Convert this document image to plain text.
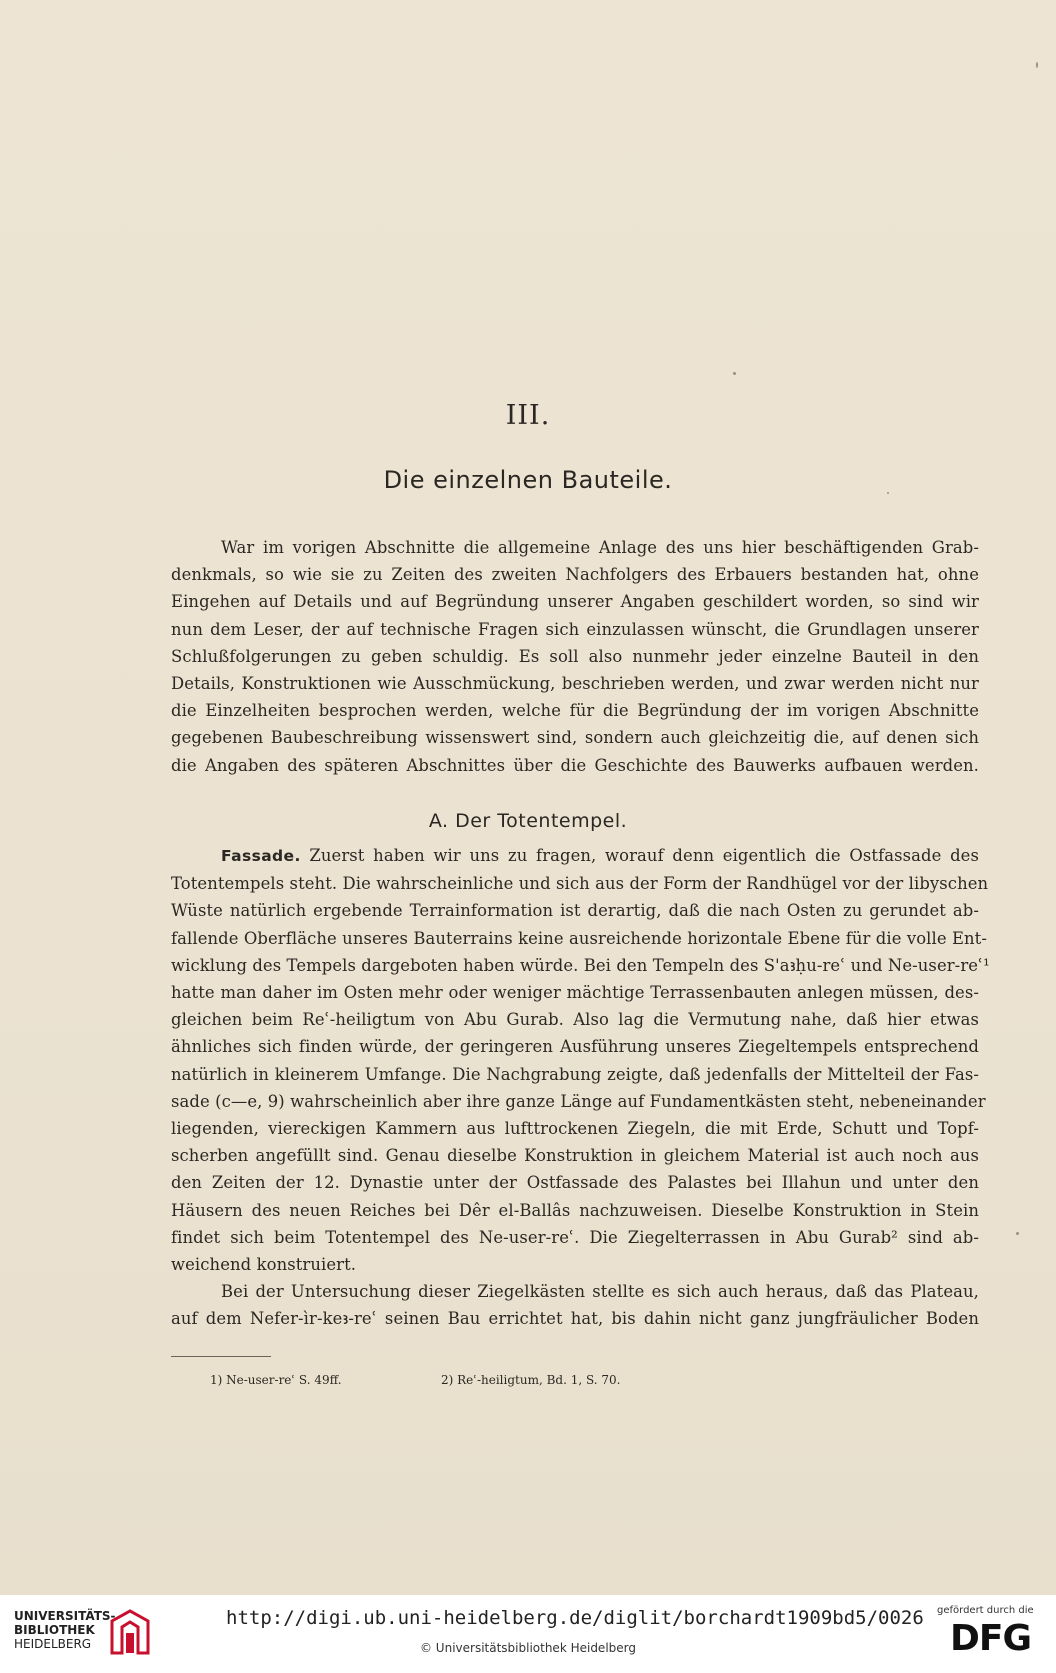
III.
Die einzelnen Bauteile.
War im vorigen Abschnitte die allgemeine Anlage des uns hier beschäftigenden Grab-
denkmals, so wie sie zu Zeiten des zweiten Nachfolgers des Erbauers bestanden hat, ohne
Eingehen auf Details und auf Begründung unserer Angaben geschildert worden, so sind wir
nun dem Leser, der auf technische Fragen sich einzulassen wünscht, die Grundlagen unserer
Schlußfolgerungen zu geben schuldig. Es soll also nunmehr jeder einzelne Bauteil in den
Details, Konstruktionen wie Ausschmückung, beschrieben werden, und zwar werden nicht nur
die Einzelheiten besprochen werden, welche für die Begründung der im vorigen Abschnitte
gegebenen Baubeschreibung wissenswert sind, sondern auch gleichzeitig die, auf denen sich
die Angaben des späteren Abschnittes über die Geschichte des Bauwerks aufbauen werden.
A. Der Totentempel.
Fassade. Zuerst haben wir uns zu fragen, worauf denn eigentlich die Ostfassade des
Totentempels steht. Die wahrscheinliche und sich aus der Form der Randhügel vor der libyschen
Wüste natürlich ergebende Terrainformation ist derartig, daß die nach Osten zu gerundet ab-
fallende Oberfläche unseres Bauterrains keine ausreichende horizontale Ebene für die volle Ent-
wicklung des Tempels dargeboten haben würde. Bei den Tempeln des S'aꜣḥu-reʿ und Ne-user-reʿ¹
hatte man daher im Osten mehr oder weniger mächtige Terrassenbauten anlegen müssen, des-
gleichen beim Reʿ-heiligtum von Abu Gurab. Also lag die Vermutung nahe, daß hier etwas
ähnliches sich finden würde, der geringeren Ausführung unseres Ziegeltempels entsprechend
natürlich in kleinerem Umfange. Die Nachgrabung zeigte, daß jedenfalls der Mittelteil der Fas-
sade (c—e, 9) wahrscheinlich aber ihre ganze Länge auf Fundamentkästen steht, nebeneinander
liegenden, viereckigen Kammern aus lufttrockenen Ziegeln, die mit Erde, Schutt und Topf-
scherben angefüllt sind. Genau dieselbe Konstruktion in gleichem Material ist auch noch aus
den Zeiten der 12. Dynastie unter der Ostfassade des Palastes bei Illahun und unter den
Häusern des neuen Reiches bei Dêr el-Ballâs nachzuweisen. Dieselbe Konstruktion in Stein
findet sich beim Totentempel des Ne-user-reʿ. Die Ziegelterrassen in Abu Gurab² sind ab-
weichend konstruiert.
Bei der Untersuchung dieser Ziegelkästen stellte es sich auch heraus, daß das Plateau,
auf dem Nefer-ìr-keꜣ-reʿ seinen Bau errichtet hat, bis dahin nicht ganz jungfräulicher Boden
1) Ne-user-reʿ S. 49ff.	2) Reʿ-heiligtum, Bd. 1, S. 70.
UNIVERSITÄTS-
BIBLIOTHEK
HEIDELBERG
http://digi.ub.uni-heidelberg.de/diglit/borchardt1909bd5/0026
© Universitätsbibliothek Heidelberg
gefördert durch die
DFG
